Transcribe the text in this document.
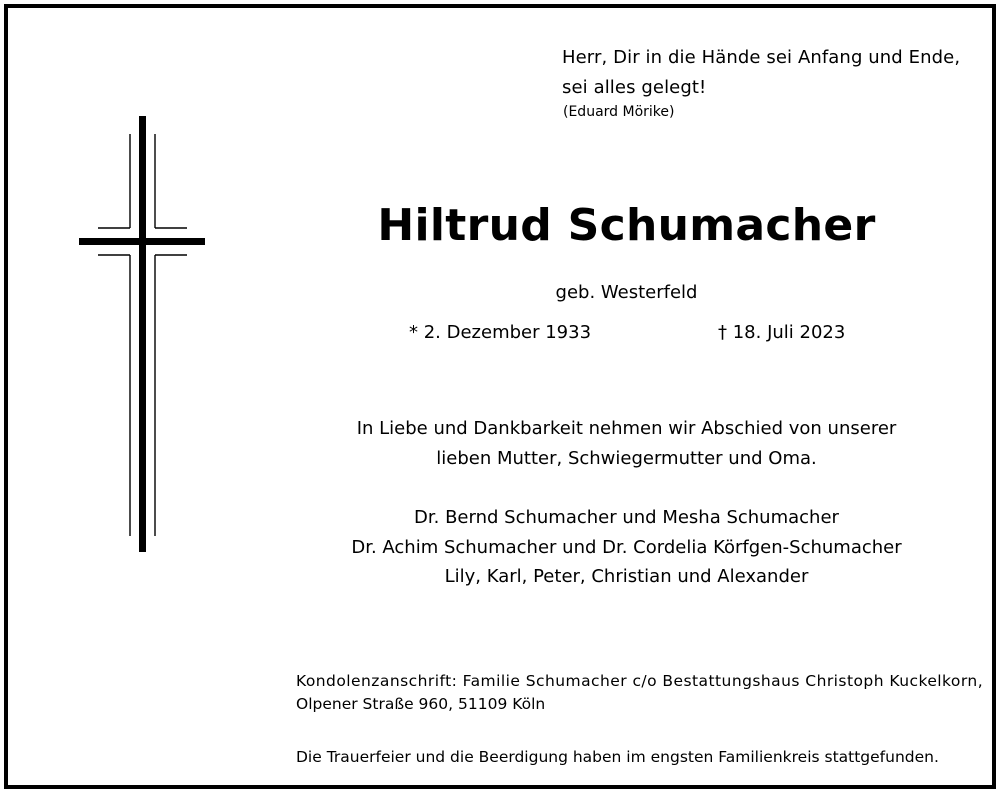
Herr, Dir in die Hände sei Anfang und Ende,

sei alles gelegt!

(Eduard Mörike)

Hiltrud Schumacher

geb. Westerfeld

* 2. Dezember 1933	† 18. Juli 2023

In Liebe und Dankbarkeit nehmen wir Abschied von unserer

lieben Mutter, Schwiegermutter und Oma.

Dr. Bernd Schumacher und Mesha Schumacher

Dr. Achim Schumacher und Dr. Cordelia Körfgen-Schumacher

Lily, Karl, Peter, Christian und Alexander

Kondolenzanschrift: Familie Schumacher c/o Bestattungshaus Christoph Kuckelkorn,

Olpener Straße 960, 51109 Köln

Die Trauerfeier und die Beerdigung haben im engsten Familienkreis stattgefunden.
